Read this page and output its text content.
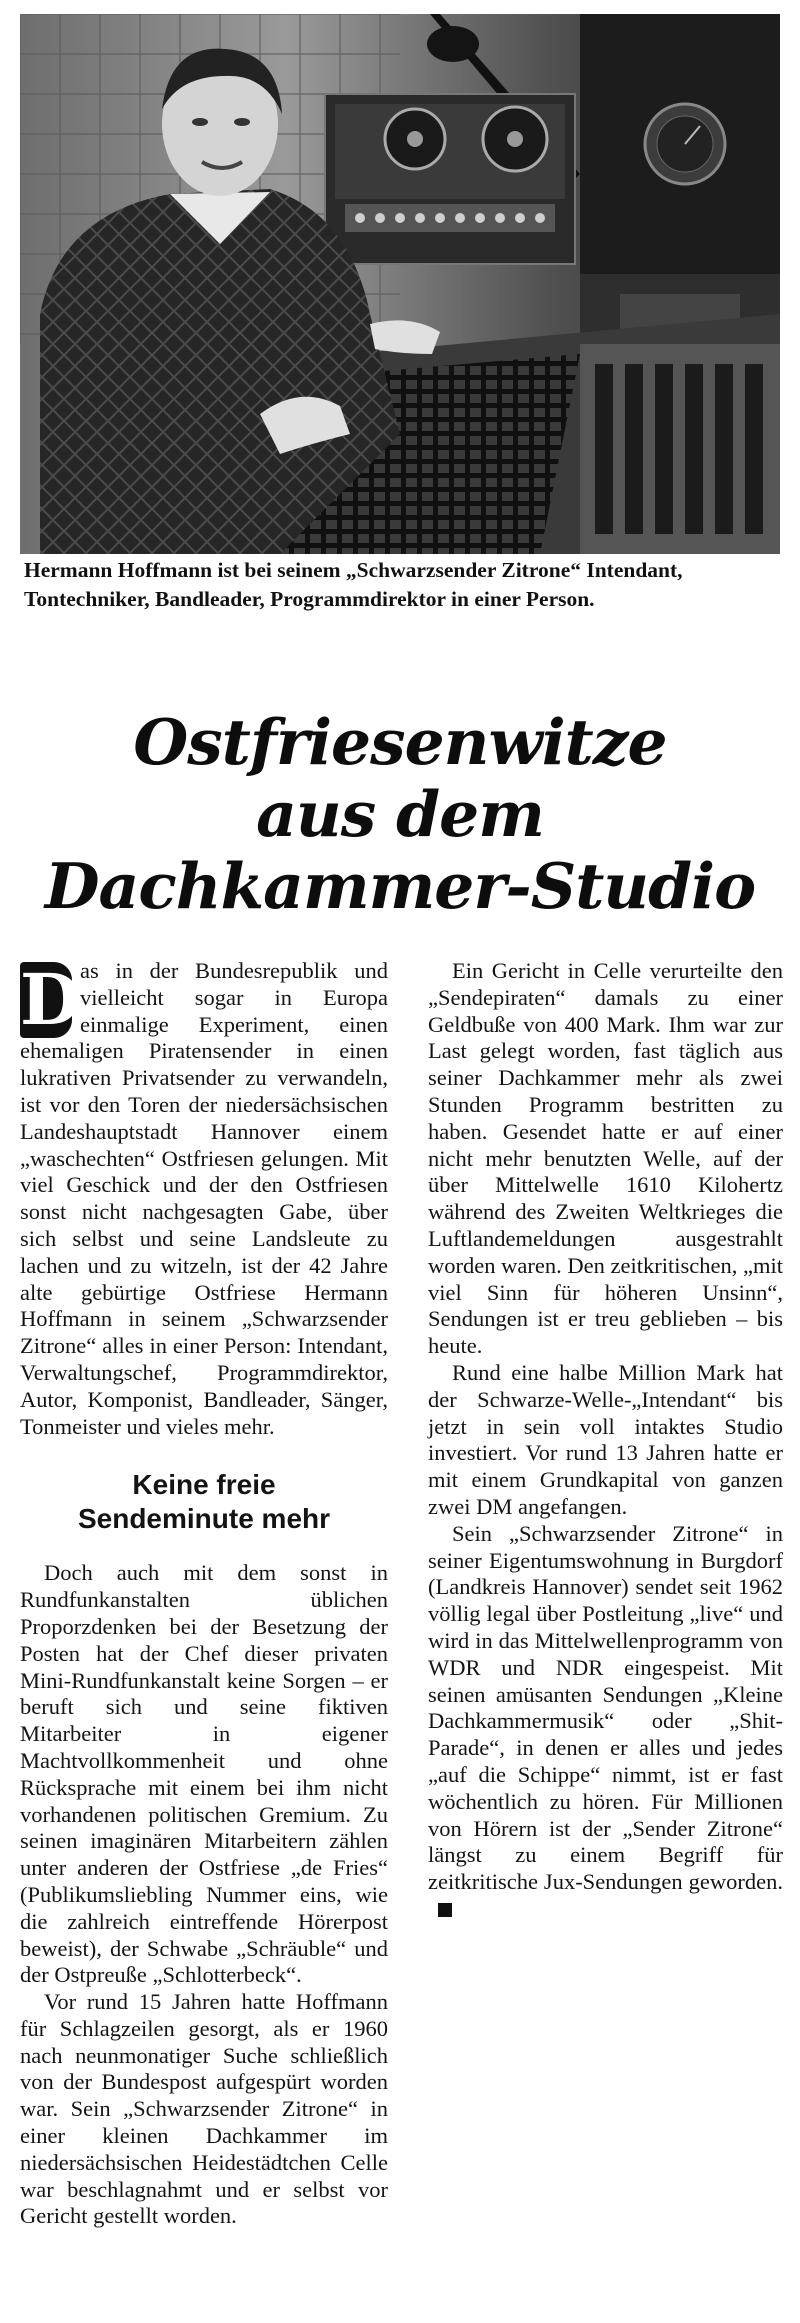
Hermann Hoffmann ist bei seinem „Schwarzsender Zitrone“ Intendant, Tontechniker, Bandleader, Programmdirektor in einer Person.
Ostfriesenwitze
aus dem
Dachkammer-Studio

D as in der Bundesrepublik und vielleicht sogar in Europa einmalige Experiment, einen ehemaligen Piratensender in einen lukrativen Privatsender zu verwandeln, ist vor den Toren der niedersächsischen Landeshauptstadt Hannover einem „waschechten“ Ostfriesen gelungen. Mit viel Geschick und der den Ostfriesen sonst nicht nachgesagten Gabe, über sich selbst und seine Landsleute zu lachen und zu witzeln, ist der 42 Jahre alte gebürtige Ostfriese Hermann Hoffmann in seinem „Schwarzsender Zitrone“ alles in einer Person: Intendant, Verwaltungschef, Programmdirektor, Autor, Komponist, Bandleader, Sänger, Tonmeister und vieles mehr.

Keine freie
Sendeminute mehr

Doch auch mit dem sonst in Rundfunkanstalten üblichen Proporzdenken bei der Besetzung der Posten hat der Chef dieser privaten Mini-Rundfunkanstalt keine Sorgen – er beruft sich und seine fiktiven Mitarbeiter in eigener Machtvollkommenheit und ohne Rücksprache mit einem bei ihm nicht vorhandenen politischen Gremium. Zu seinen imaginären Mitarbeitern zählen unter anderen der Ostfriese „de Fries“ (Publikumsliebling Nummer eins, wie die zahlreich eintreffende Hörerpost beweist), der Schwabe „Schräuble“ und der Ostpreuße „Schlotterbeck“.

Vor rund 15 Jahren hatte Hoffmann für Schlagzeilen gesorgt, als er 1960 nach neunmonatiger Suche schließlich von der Bundespost aufgespürt worden war. Sein „Schwarzsender Zitrone“ in einer kleinen Dachkammer im niedersächsischen Heidestädtchen Celle war beschlagnahmt und er selbst vor Gericht gestellt worden.

Ein Gericht in Celle verurteilte den „Sendepiraten“ damals zu einer Geldbuße von 400 Mark. Ihm war zur Last gelegt worden, fast täglich aus seiner Dachkammer mehr als zwei Stunden Programm bestritten zu haben. Gesendet hatte er auf einer nicht mehr benutzten Welle, auf der über Mittelwelle 1610 Kilohertz während des Zweiten Weltkrieges die Luftlandemeldungen ausgestrahlt worden waren. Den zeitkritischen, „mit viel Sinn für höheren Unsinn“, Sendungen ist er treu geblieben – bis heute.

Rund eine halbe Million Mark hat der Schwarze-Welle-„Intendant“ bis jetzt in sein voll intaktes Studio investiert. Vor rund 13 Jahren hatte er mit einem Grundkapital von ganzen zwei DM angefangen.

Sein „Schwarzsender Zitrone“ in seiner Eigentumswohnung in Burgdorf (Landkreis Hannover) sendet seit 1962 völlig legal über Postleitung „live“ und wird in das Mittelwellenprogramm von WDR und NDR eingespeist. Mit seinen amüsanten Sendungen „Kleine Dachkammermusik“ oder „Shit-Parade“, in denen er alles und jedes „auf die Schippe“ nimmt, ist er fast wöchentlich zu hören. Für Millionen von Hörern ist der „Sender Zitrone“ längst zu einem Begriff für zeitkritische Jux-Sendungen geworden.
